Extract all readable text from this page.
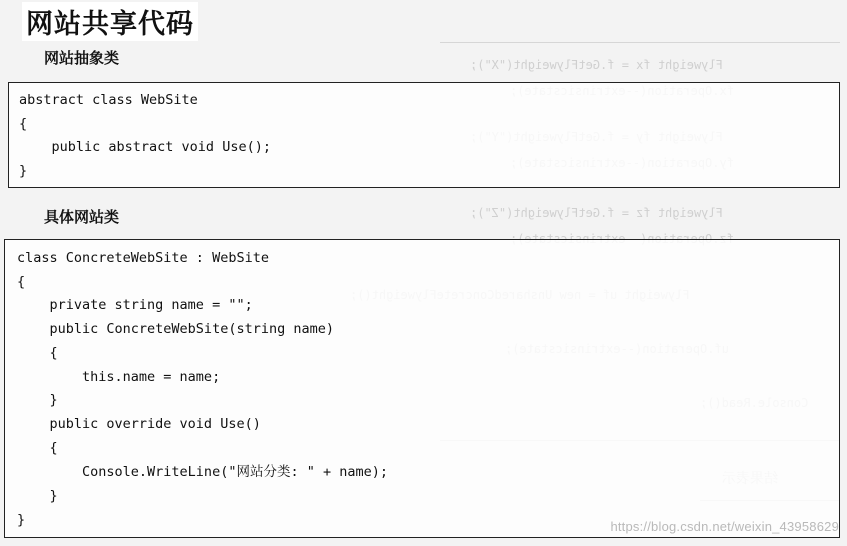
Flyweight fx = f.GetFlyweight("X");
Flyweight fz = f.GetFlyweight("Z");
网站共享代码
网站抽象类
abstract class WebSite
{
public abstract void Use();
}
具体网站类
class ConcreteWebSite : WebSite
{
private string name = "";
public ConcreteWebSite(string name)
{
this.name = name;
}
public override void Use()
{
Console.WriteLine("网站分类: " + name);
}
}	https://blog.csdn.net/weixin_43958629
